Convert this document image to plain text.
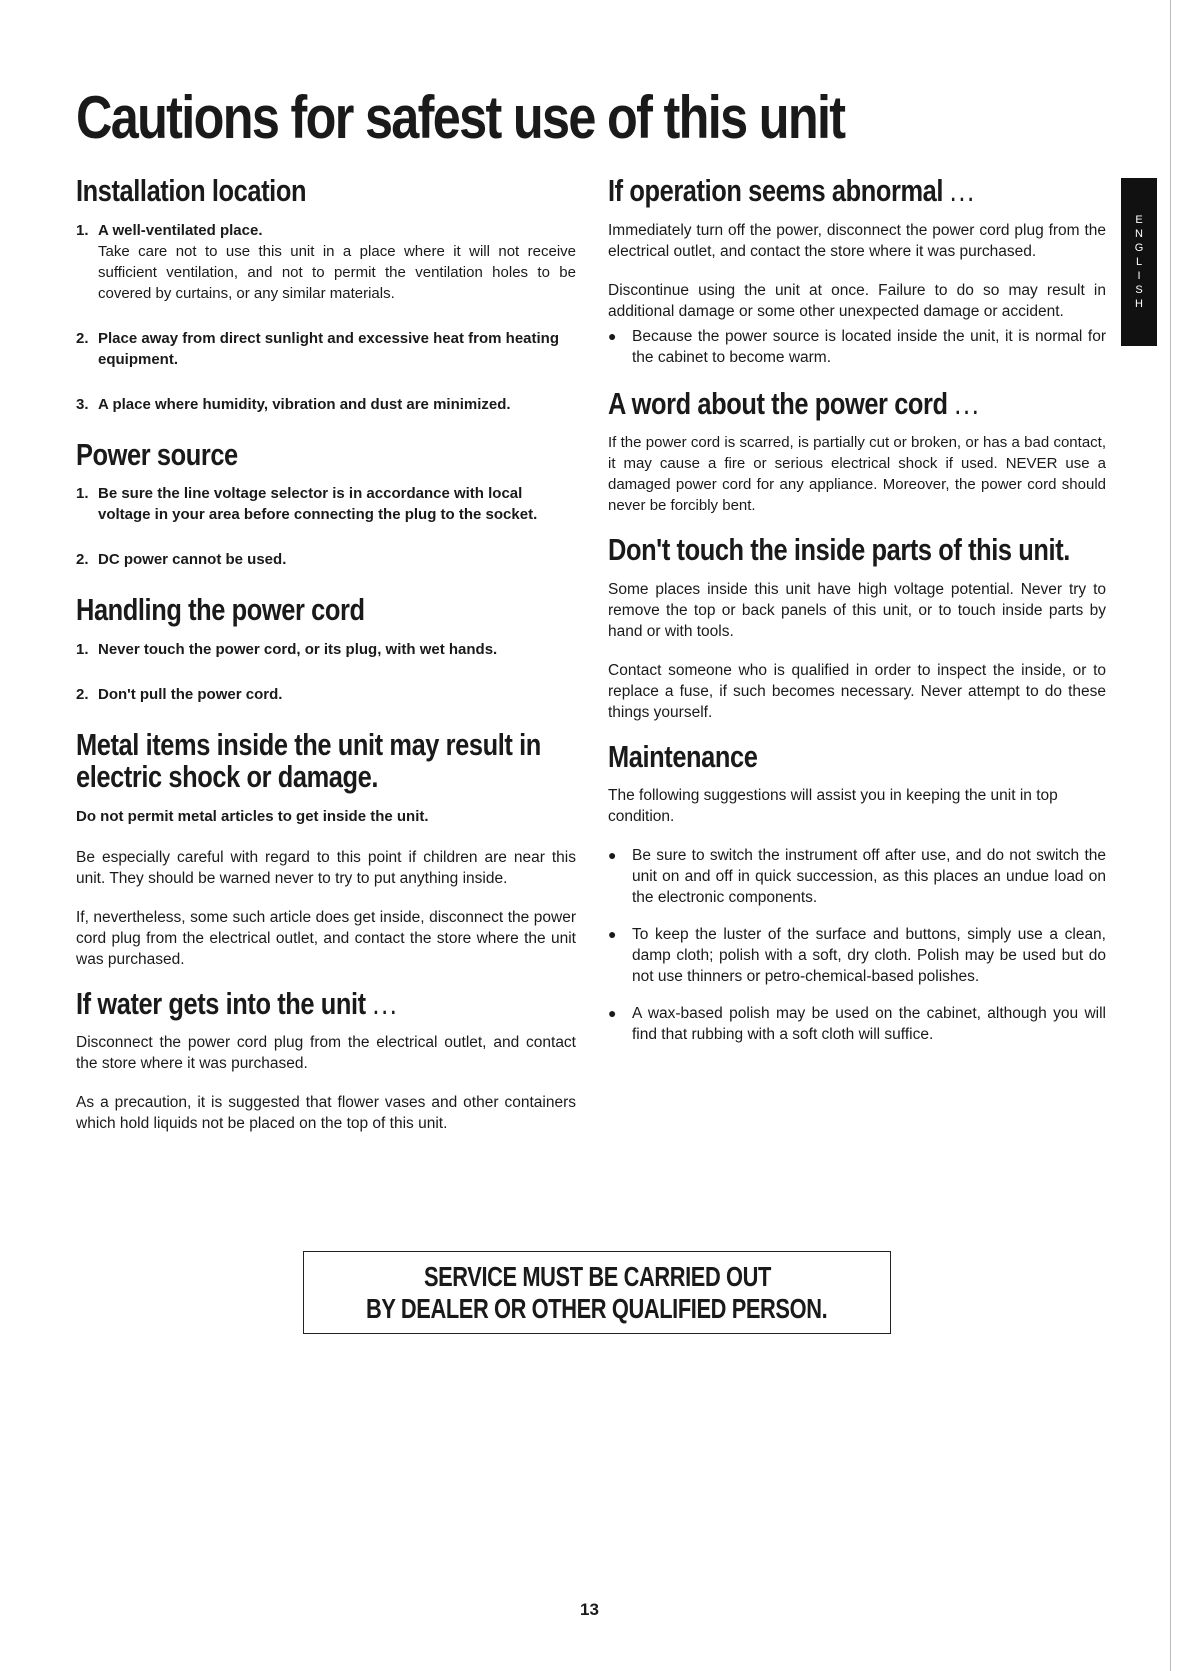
Cautions for safest use of this unit
E
N
G
L
I
S
H
Installation location
1. A well-ventilated place.
Take care not to use this unit in a place where it will not receive sufficient ventilation, and not to permit the ventilation holes to be covered by curtains, or any similar materials.
2. Place away from direct sunlight and excessive heat from heating equipment.
3. A place where humidity, vibration and dust are minimized.
Power source
1. Be sure the line voltage selector is in accordance with local voltage in your area before connecting the plug to the socket.
2. DC power cannot be used.
Handling the power cord
1. Never touch the power cord, or its plug, with wet hands.
2. Don't pull the power cord.
Metal items inside the unit may result in electric shock or damage.

Do not permit metal articles to get inside the unit.

Be especially careful with regard to this point if children are near this unit. They should be warned never to try to put anything inside.

If, nevertheless, some such article does get inside, disconnect the power cord plug from the electrical outlet, and contact the store where the unit was purchased.

If water gets into the unit ...

Disconnect the power cord plug from the electrical outlet, and contact the store where it was purchased.

As a precaution, it is suggested that flower vases and other containers which hold liquids not be placed on the top of this unit.

If operation seems abnormal ...

Immediately turn off the power, disconnect the power cord plug from the electrical outlet, and contact the store where it was purchased.

Discontinue using the unit at once. Failure to do so may result in additional damage or some other unexpected damage or accident.

●	Because the power source is located inside the unit, it is normal for the cabinet to become warm.
A word about the power cord ...

If the power cord is scarred, is partially cut or broken, or has a bad contact, it may cause a fire or serious electrical shock if used. NEVER use a damaged power cord for any appliance. Moreover, the power cord should never be forcibly bent.

Don't touch the inside parts of this unit.

Some places inside this unit have high voltage potential. Never try to remove the top or back panels of this unit, or to touch inside parts by hand or with tools.

Contact someone who is qualified in order to inspect the inside, or to replace a fuse, if such becomes necessary. Never attempt to do these things yourself.

Maintenance

The following suggestions will assist you in keeping the unit in top condition.

●	Be sure to switch the instrument off after use, and do not switch the unit on and off in quick succession, as this places an undue load on the electronic components.
●	To keep the luster of the surface and buttons, simply use a clean, damp cloth; polish with a soft, dry cloth. Polish may be used but do not use thinners or petro-chemical-based polishes.
●	A wax-based polish may be used on the cabinet, although you will find that rubbing with a soft cloth will suffice.
SERVICE MUST BE CARRIED OUT
BY DEALER OR OTHER QUALIFIED PERSON.
13
